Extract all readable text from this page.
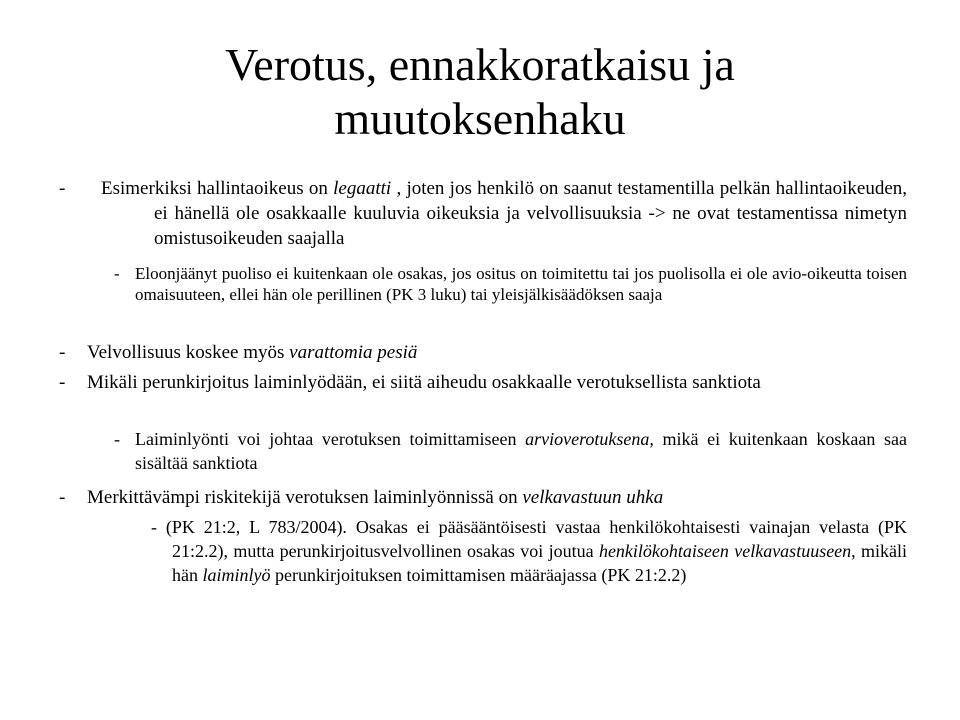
Verotus, ennakkoratkaisu ja
muutoksenhaku
-	Esimerkiksi hallintaoikeus on legaatti , joten jos henkilö on saanut testamentilla pelkän hallintaoikeuden, ei hänellä ole osakkaalle kuuluvia oikeuksia ja velvollisuuksia -> ne ovat testamentissa nimetyn omistusoikeuden saajalla

- Eloonjäänyt puoliso ei kuitenkaan ole osakas, jos ositus on toimitettu tai jos puolisolla ei ole avio-oikeutta toisen omaisuuteen, ellei hän ole perillinen (PK 3 luku) tai yleisjälkisäädöksen saaja

-	Velvollisuus koskee myös varattomia pesiä

-	Mikäli perunkirjoitus laiminlyödään, ei siitä aiheudu osakkaalle verotuksellista sanktiota

- Laiminlyönti voi johtaa verotuksen toimittamiseen arvioverotuksena, mikä ei kuitenkaan koskaan saa sisältää sanktiota

-	Merkittävämpi riskitekijä verotuksen laiminlyönnissä on velkavastuun uhka

- (PK 21:2, L 783/2004). Osakas ei pääsääntöisesti vastaa henkilökohtaisesti vainajan velasta (PK 21:2.2), mutta perunkirjoitusvelvollinen osakas voi joutua henkilökohtaiseen velkavastuuseen, mikäli hän laiminlyö perunkirjoituksen toimittamisen määräajassa (PK 21:2.2)
